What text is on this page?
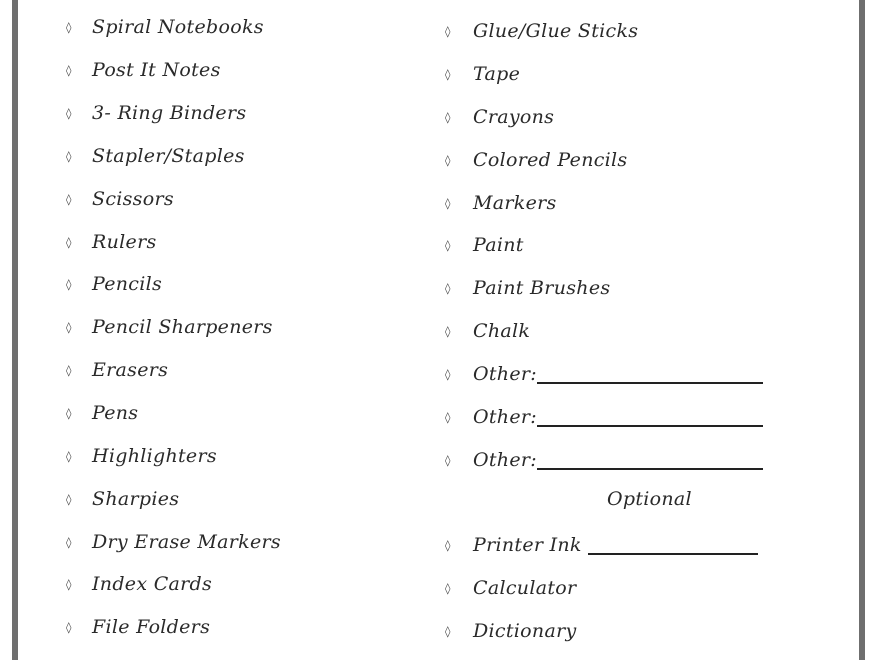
◊ Spiral Notebooks
◊ Post It Notes
◊ 3- Ring Binders
◊ Stapler/Staples
◊ Scissors
◊ Rulers
◊ Pencils
◊ Pencil Sharpeners
◊ Erasers
◊ Pens
◊ Highlighters
◊ Sharpies
◊ Dry Erase Markers
◊ Index Cards
◊ File Folders
◊ Glue/Glue Sticks
◊ Tape
◊ Crayons
◊ Colored Pencils
◊ Markers
◊ Paint
◊ Paint Brushes
◊ Chalk
◊ Other:
◊ Other:
◊ Other:
Optional
◊ Printer Ink
◊ Calculator
◊ Dictionary
